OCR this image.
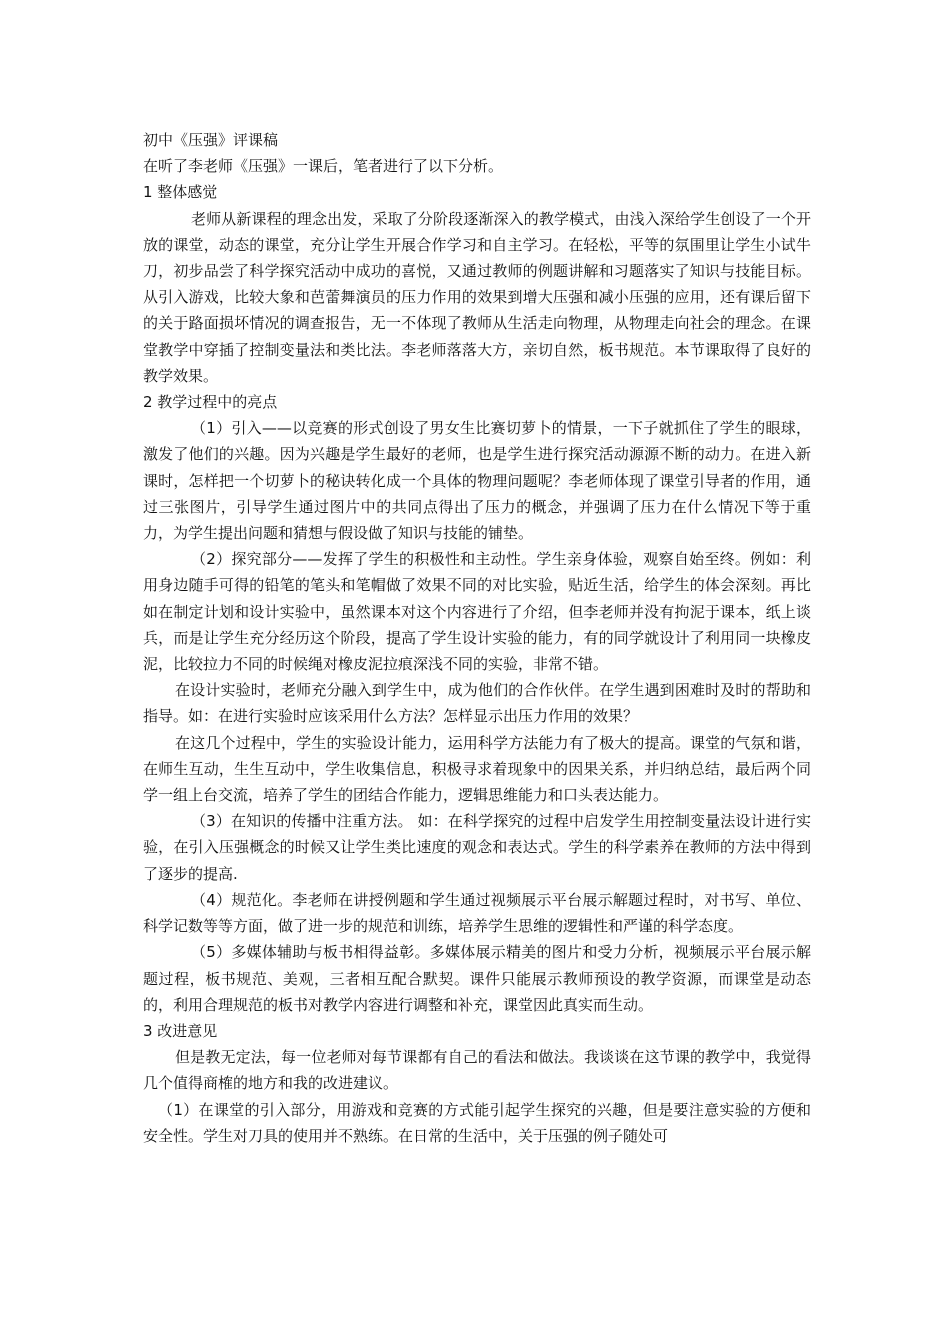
初中《压强》评课稿

在听了李老师《压强》一课后，笔者进行了以下分析。

1 整体感觉

老师从新课程的理念出发，采取了分阶段逐渐深入的教学模式，由浅入深给学生创设了一个开放的课堂，动态的课堂，充分让学生开展合作学习和自主学习。在轻松，平等的氛围里让学生小试牛刀，初步品尝了科学探究活动中成功的喜悦，又通过教师的例题讲解和习题落实了知识与技能目标。从引入游戏，比较大象和芭蕾舞演员的压力作用的效果到增大压强和减小压强的应用，还有课后留下的关于路面损坏情况的调查报告，无一不体现了教师从生活走向物理，从物理走向社会的理念。在课堂教学中穿插了控制变量法和类比法。李老师落落大方，亲切自然，板书规范。本节课取得了良好的教学效果。

2 教学过程中的亮点

（1）引入——以竞赛的形式创设了男女生比赛切萝卜的情景，一下子就抓住了学生的眼球，激发了他们的兴趣。因为兴趣是学生最好的老师，也是学生进行探究活动源源不断的动力。在进入新课时，怎样把一个切萝卜的秘诀转化成一个具体的物理问题呢？李老师体现了课堂引导者的作用，通过三张图片，引导学生通过图片中的共同点得出了压力的概念，并强调了压力在什么情况下等于重力，为学生提出问题和猜想与假设做了知识与技能的铺垫。

（2）探究部分——发挥了学生的积极性和主动性。学生亲身体验，观察自始至终。例如：利用身边随手可得的铅笔的笔头和笔帽做了效果不同的对比实验，贴近生活，给学生的体会深刻。再比如在制定计划和设计实验中，虽然课本对这个内容进行了介绍，但李老师并没有拘泥于课本，纸上谈兵，而是让学生充分经历这个阶段，提高了学生设计实验的能力，有的同学就设计了利用同一块橡皮泥，比较拉力不同的时候绳对橡皮泥拉痕深浅不同的实验，非常不错。

在设计实验时，老师充分融入到学生中，成为他们的合作伙伴。在学生遇到困难时及时的帮助和指导。如：在进行实验时应该采用什么方法？怎样显示出压力作用的效果？

在这几个过程中，学生的实验设计能力，运用科学方法能力有了极大的提高。课堂的气氛和谐，在师生互动，生生互动中，学生收集信息，积极寻求着现象中的因果关系，并归纳总结，最后两个同学一组上台交流，培养了学生的团结合作能力，逻辑思维能力和口头表达能力。

（3）在知识的传播中注重方法。 如：在科学探究的过程中启发学生用控制变量法设计进行实验，在引入压强概念的时候又让学生类比速度的观念和表达式。学生的科学素养在教师的方法中得到了逐步的提高.

（4）规范化。李老师在讲授例题和学生通过视频展示平台展示解题过程时，对书写、单位、科学记数等等方面，做了进一步的规范和训练，培养学生思维的逻辑性和严谨的科学态度。

（5）多媒体辅助与板书相得益彰。多媒体展示精美的图片和受力分析，视频展示平台展示解题过程，板书规范、美观，三者相互配合默契。课件只能展示教师预设的教学资源，而课堂是动态的，利用合理规范的板书对教学内容进行调整和补充，课堂因此真实而生动。

3 改进意见

但是教无定法，每一位老师对每节课都有自己的看法和做法。我谈谈在这节课的教学中，我觉得几个值得商榷的地方和我的改进建议。

（1）在课堂的引入部分，用游戏和竞赛的方式能引起学生探究的兴趣，但是要注意实验的方便和安全性。学生对刀具的使用并不熟练。在日常的生活中，关于压强的例子随处可
